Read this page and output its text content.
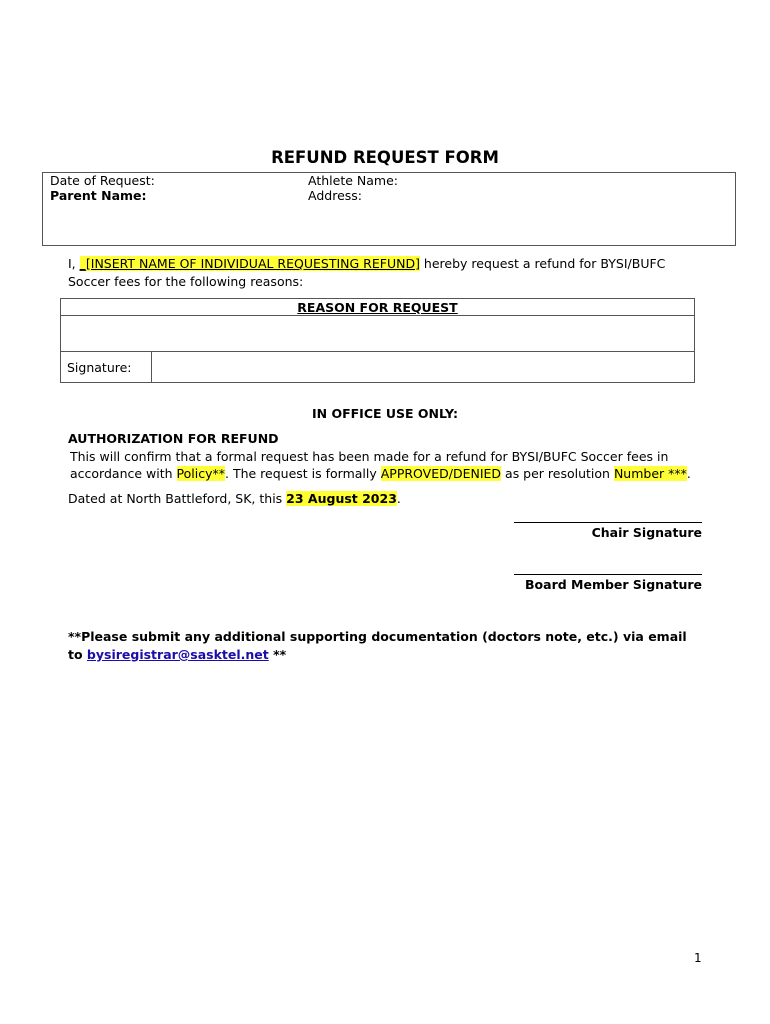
REFUND REQUEST FORM
Date of Request:
Parent Name:
Athlete Name:
Address:
I, _[INSERT NAME OF INDIVIDUAL REQUESTING REFUND] hereby request a refund for BYSI/BUFC
Soccer fees for the following reasons:
REASON FOR REQUEST

Signature:	
IN OFFICE USE ONLY:
AUTHORIZATION FOR REFUND
This will confirm that a formal request has been made for a refund for BYSI/BUFC Soccer fees in
accordance with Policy**. The request is formally APPROVED/DENIED as per resolution Number ***.
Dated at North Battleford, SK, this 23 August 2023.
Chair Signature
Board Member Signature
**Please submit any additional supporting documentation (doctors note, etc.) via email
to bysiregistrar@sasktel.net **
1
